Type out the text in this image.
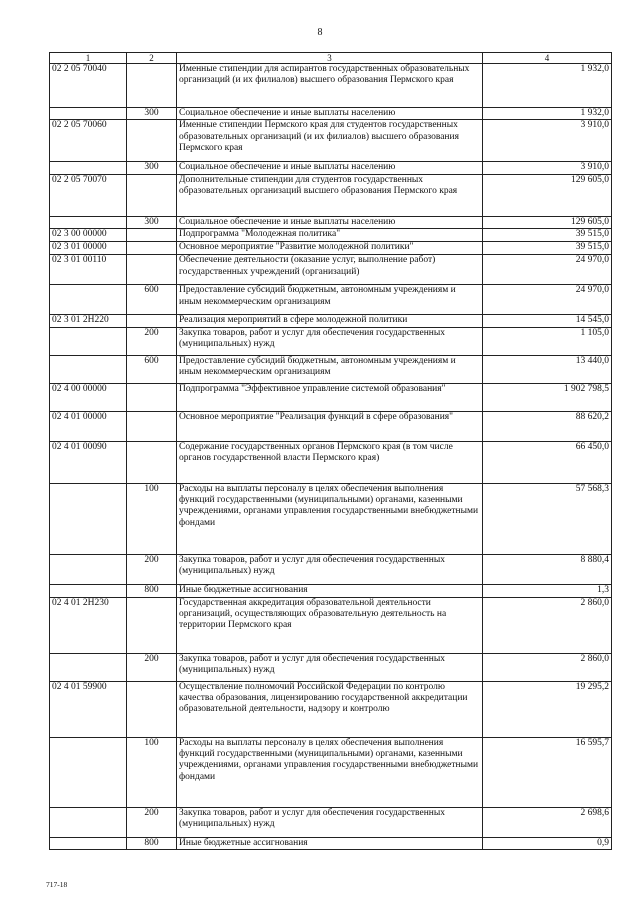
8
1	2	3	4
02 2 05 70040		Именные стипендии для аспирантов государственных образовательных организаций (и их филиалов) высшего образования Пермского края	1 932,0
	300	Социальное обеспечение и иные выплаты населению	1 932,0
02 2 05 70060		Именные стипендии Пермского края для студентов государственных образовательных организаций (и их филиалов) высшего образования Пермского края	3 910,0
	300	Социальное обеспечение и иные выплаты населению	3 910,0
02 2 05 70070		Дополнительные стипендии для студентов государственных образовательных организаций высшего образования Пермского края	129 605,0
	300	Социальное обеспечение и иные выплаты населению	129 605,0
02 3 00 00000		Подпрограмма "Молодежная политика"	39 515,0
02 3 01 00000		Основное мероприятие "Развитие молодежной политики"	39 515,0
02 3 01 00110		Обеспечение деятельности (оказание услуг, выполнение работ) государственных учреждений (организаций)	24 970,0
	600	Предоставление субсидий бюджетным, автономным учреждениям и иным некоммерческим организациям	24 970,0
02 3 01 2Н220		Реализация мероприятий в сфере молодежной политики	14 545,0
	200	Закупка товаров, работ и услуг для обеспечения государственных (муниципальных) нужд	1 105,0
	600	Предоставление субсидий бюджетным, автономным учреждениям и иным некоммерческим организациям	13 440,0
02 4 00 00000		Подпрограмма "Эффективное управление системой образования"	1 902 798,5
02 4 01 00000		Основное мероприятие "Реализация функций в сфере образования"	88 620,2
02 4 01 00090		Содержание государственных органов Пермского края (в том числе органов государственной власти Пермского края)	66 450,0
	100	Расходы на выплаты персоналу в целях обеспечения выполнения функций государственными (муниципальными) органами, казенными учреждениями, органами управления государственными внебюджетными фондами	57 568,3
	200	Закупка товаров, работ и услуг для обеспечения государственных (муниципальных) нужд	8 880,4
	800	Иные бюджетные ассигнования	1,3
02 4 01 2Н230		Государственная аккредитация образовательной деятельности организаций, осуществляющих образовательную деятельность на территории Пермского края	2 860,0
	200	Закупка товаров, работ и услуг для обеспечения государственных (муниципальных) нужд	2 860,0
02 4 01 59900		Осуществление полномочий Российской Федерации по контролю качества образования, лицензированию государственной аккредитации образовательной деятельности, надзору и контролю	19 295,2
	100	Расходы на выплаты персоналу в целях обеспечения выполнения функций государственными (муниципальными) органами, казенными учреждениями, органами управления государственными внебюджетными фондами	16 595,7
	200	Закупка товаров, работ и услуг для обеспечения государственных (муниципальных) нужд	2 698,6
	800	Иные бюджетные ассигнования	0,9
717-18
